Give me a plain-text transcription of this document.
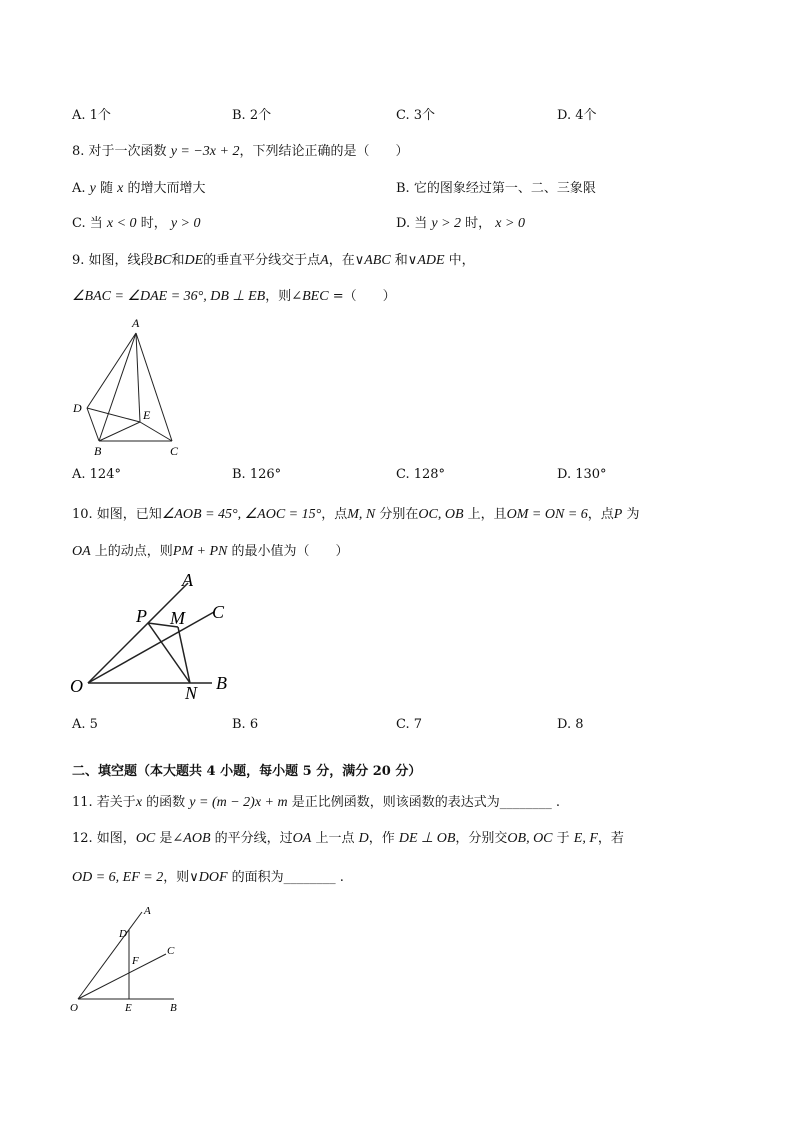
A. 1个	B. 2个	C. 3个	D. 4个
8. 对于一次函数 y = −3x + 2，下列结论正确的是（　　）
A. y 随 x 的增大而增大	B. 它的图象经过第一、二、三象限
C. 当 x < 0 时， y > 0	D. 当 y > 2 时， x > 0
9. 如图，线段BC和DE的垂直平分线交于点A，在∨ABC 和∨ADE 中，
∠BAC = ∠DAE = 36°, DB ⊥ EB，则∠BEC =（　　）
A
D	E
B	C
A. 124°	B. 126°	C. 128°	D. 130°
10. 如图，已知∠AOB = 45°, ∠AOC = 15°，点M, N 分别在OC, OB 上，且OM = ON = 6，点P 为
OA 上的动点，则PM + PN 的最小值为（　　）
A
P M C
O	N B
A. 5	B. 6	C. 7	D. 8
二、填空题（本大题共 4 小题，每小题 5 分，满分 20 分）
11. 若关于x 的函数 y = (m − 2)x + m 是正比例函数，则该函数的表达式为________ .
12. 如图，OC 是∠AOB 的平分线，过OA 上一点 D，作 DE ⊥ OB，分别交OB, OC 于 E, F，若
OD = 6, EF = 2，则∨DOF 的面积为________ .
A
D
C
F
O	E	B
